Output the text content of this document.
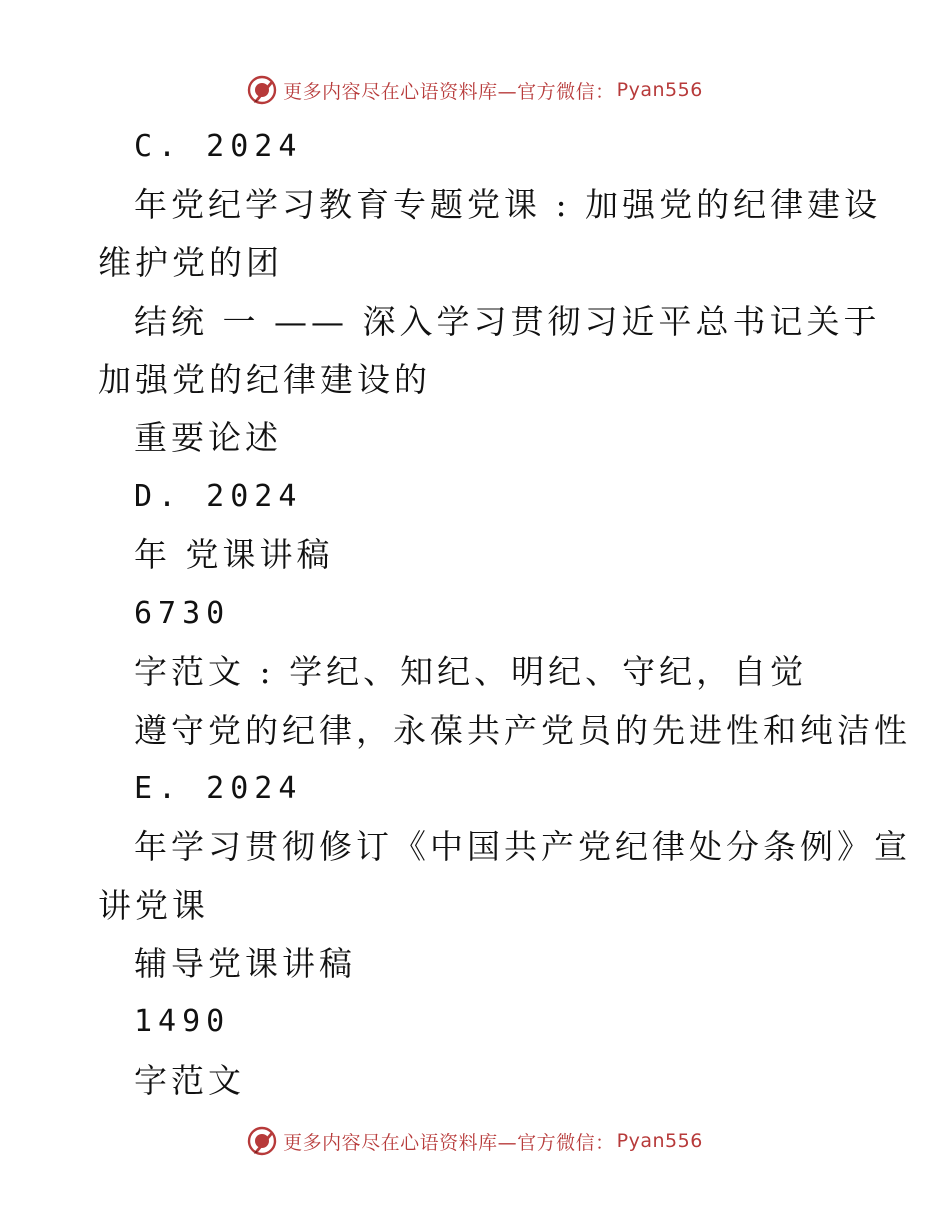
更多内容尽在心语资料库—官方微信： Pyan556
C. 2024
年党纪学习教育专题党课 : 加强党的纪律建设
维护党的团
结统 一 —— 深入学习贯彻习近平总书记关于
加强党的纪律建设的
重要论述
D. 2024
年 党课讲稿
6730
字范文 : 学纪、知纪、明纪、守纪，自觉
遵守党的纪律，永葆共产党员的先进性和纯洁性
E. 2024
年学习贯彻修订《中国共产党纪律处分条例》宣
讲党课
辅导党课讲稿
1490
字范文
更多内容尽在心语资料库—官方微信： Pyan556
